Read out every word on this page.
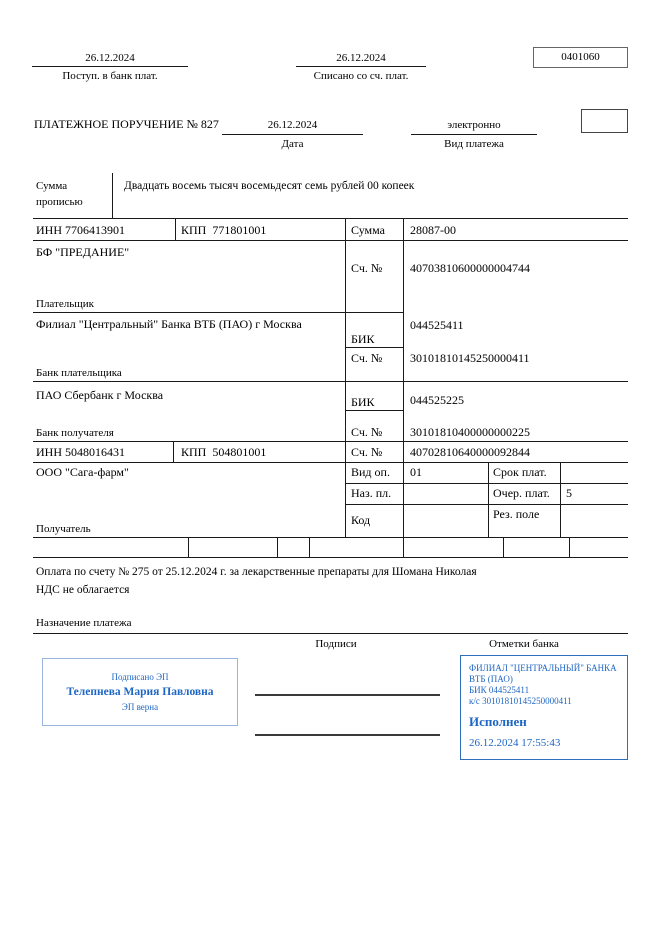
26.12.2024
Поступ. в банк плат.
26.12.2024
Списано со сч. плат.
0401060
ПЛАТЕЖНОЕ ПОРУЧЕНИЕ № 827	26.12.2024
Дата
электронно
Вид платежа
Сумма
прописью
Двадцать восемь тысяч восемьдесят семь рублей 00 копеек
ИНН 7706413901	КПП  771801001	Сумма 28087-00
БФ "ПРЕДАНИЕ"
Плательщик
Сч. № 40703810600000004744
Филиал "Центральный" Банка ВТБ (ПАО) г Москва
Банк плательщика
БИК
044525411
Сч. № 30101810145250000411
ПАО Сбербанк г Москва
Банк получателя
БИК	044525225
Сч. № 30101810400000000225
ИНН 5048016431	КПП  504801001	Сч. № 40702810640000092844
ООО "Сага-фарм"
Получатель
Вид оп. 01	Срок плат.
Наз. пл.	Очер. плат. 5
Код	Рез. поле
Оплата по счету № 275 от 25.12.2024 г. за лекарственные препараты для Шомана Николая
НДС не облагается
Назначение платежа
Подписи	Отметки банка
Подписано ЭП
Телепнева Мария Павловна
ЭП верна
ФИЛИАЛ "ЦЕНТРАЛЬНЫЙ" БАНКА
ВТБ (ПАО)
БИК 044525411
к/с 30101810145250000411
Исполнен
26.12.2024 17:55:43
